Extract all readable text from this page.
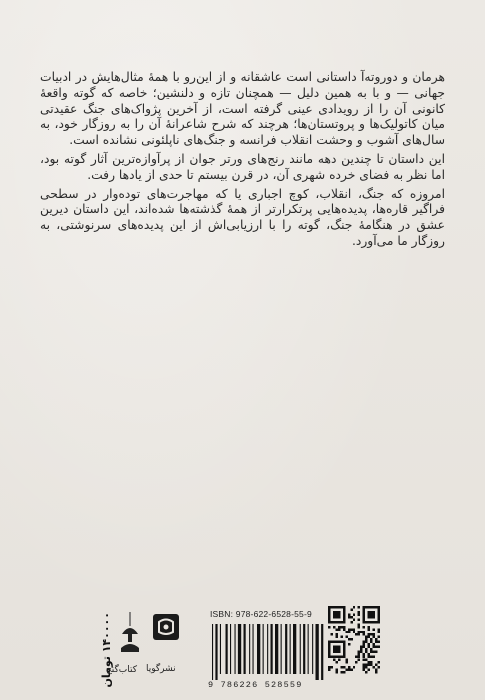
هرمان و دوروته‌آ داستانی است عاشقانه و از این‌رو با همهٔ مثال‌هایش در ادبیات جهانی — و با به همین دلیل — همچنان تازه و دلنشین؛ خاصه که گوته واقعهٔ کانونی آن را از رویدادی عینی گرفته است، از آخرین پژواک‌های جنگ عقیدتی میان کاتولیک‌ها و پروتستان‌ها؛ هرچند که شرح شاعرانهٔ آن را به روزگار خود، به سال‌های آشوب و وحشت انقلاب فرانسه و جنگ‌های ناپلئونی نشانده است.

این داستان تا چندین دهه مانند رنج‌های ورتر جوان از پرآوازه‌ترین آثار گوته بود، اما نظر به فضای خرده شهری آن، در قرن بیستم تا حدی از یادها رفت.

امروزه که جنگ، انقلاب، کوچ اجباری یا که مهاجرت‌های توده‌وار در سطحی فراگیر قاره‌ها، پدیده‌هایی پرتکرارتر از همهٔ گذشته‌ها شده‌اند، این داستان دیرین عشق در هنگامهٔ جنگ، گوته را با ارزیابی‌اش از این پدیده‌های سرنوشتی، به روزگار ما می‌آورد.

۱۴۰۰۰۰ تومان
کتاب‌گنج نشرگویا
ISBN: 978-622-6528-55-9
9 786226 528559
